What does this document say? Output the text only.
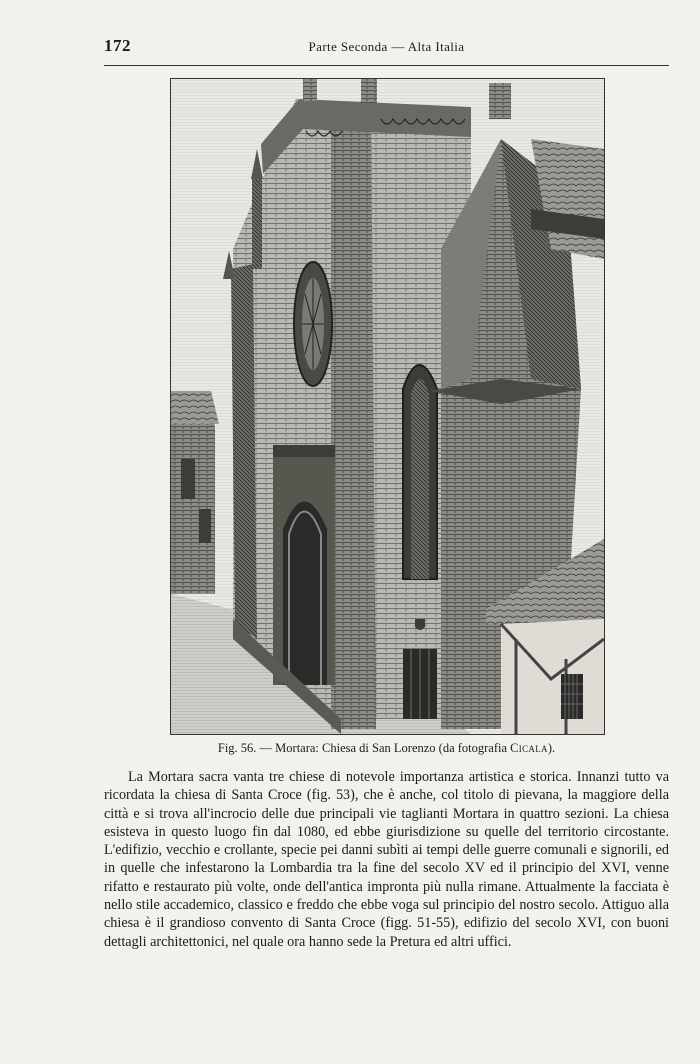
172	Parte Seconda — Alta Italia
Fig. 56. — Mortara: Chiesa di San Lorenzo (da fotografia Cicala).

La Mortara sacra vanta tre chiese di notevole importanza artistica e storica. Innanzi tutto va ricordata la chiesa di Santa Croce (fig. 53), che è anche, col titolo di pievana, la maggiore della città e si trova all'incrocio delle due principali vie taglianti Mortara in quattro sezioni. La chiesa esisteva in questo luogo fin dal 1080, ed ebbe giurisdizione su quelle del territorio circostante. L'edifizio, vecchio e crollante, specie pei danni subìti ai tempi delle guerre comunali e signorili, ed in quelle che infestarono la Lombardia tra la fine del secolo XV ed il principio del XVI, venne rifatto e restaurato più volte, onde dell'antica impronta più nulla rimane. Attualmente la facciata è nello stile accademico, classico e freddo che ebbe voga sul principio del nostro secolo. Attiguo alla chiesa è il grandioso convento di Santa Croce (figg. 51-55), edifizio del secolo XVI, con buoni dettagli architettonici, nel quale ora hanno sede la Pretura ed altri uffici.
